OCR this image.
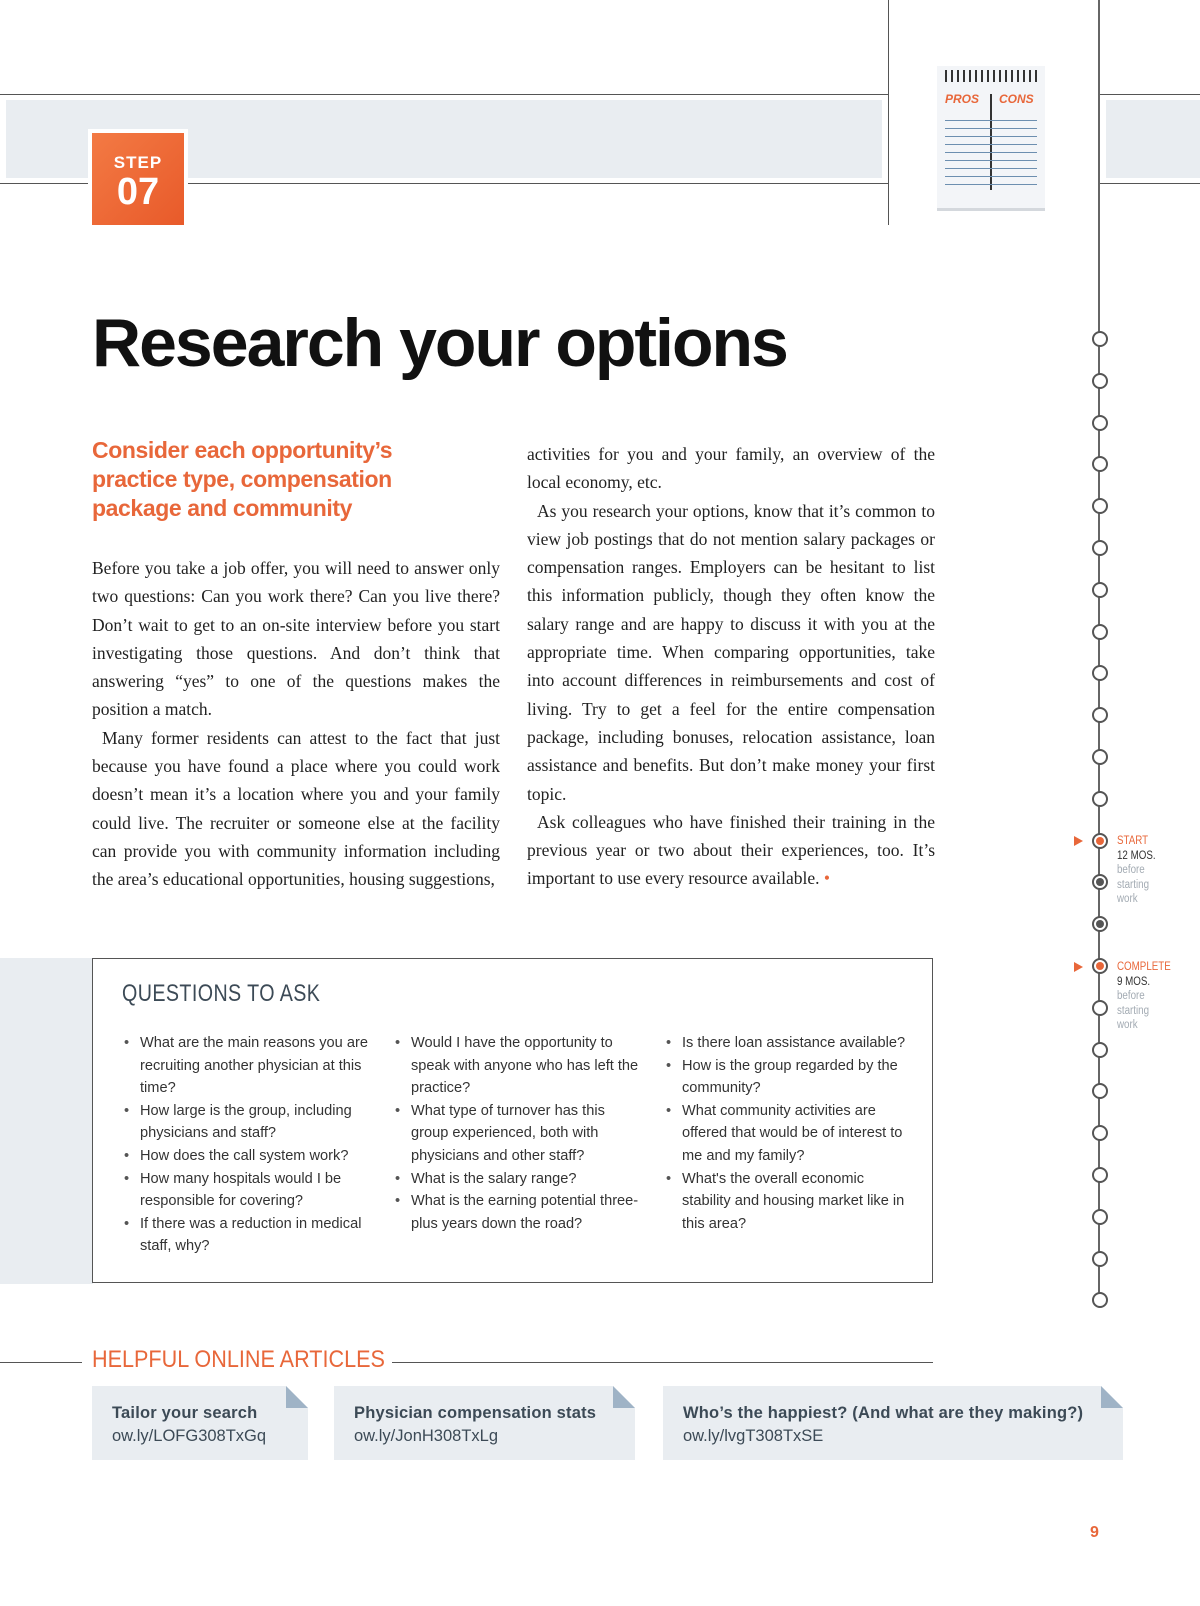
STEP
07
PROS CONS
Research your options
Consider each opportunity’s practice type, compensation package and community

Before you take a job offer, you will need to answer only two questions: Can you work there? Can you live there? Don’t wait to get to an on-site interview before you start investigating those questions. And don’t think that answering “yes” to one of the questions makes the position a match.

Many former residents can attest to the fact that just because you have found a place where you could work doesn’t mean it’s a location where you and your family could live. The recruiter or someone else at the facility can provide you with community information including the area’s educational opportunities, housing suggestions,

activities for you and your family, an overview of the local economy, etc.

As you research your options, know that it’s common to view job postings that do not mention salary packages or compensation ranges. Employers can be hesitant to list this information publicly, though they often know the salary range and are happy to discuss it with you at the appropriate time. When comparing opportunities, take into account differences in reimbursements and cost of living. Try to get a feel for the entire compensation package, including bonuses, relocation assistance, loan assistance and benefits. But don’t make money your first topic.

Ask colleagues who have finished their training in the previous year or two about their experiences, too. It’s important to use every resource available. •

QUESTIONS TO ASK
• What are the main reasons you are recruiting another physician at this time?
• How large is the group, including physicians and staff?
• How does the call system work?
• How many hospitals would I be responsible for covering?
• If there was a reduction in medical staff, why?
• Would I have the opportunity to speak with anyone who has left the practice?
• What type of turnover has this group experienced, both with physicians and other staff?
• What is the salary range?
• What is the earning potential three-plus years down the road?
• Is there loan assistance available?
• How is the group regarded by the community?
• What community activities are offered that would be of interest to me and my family?
• What's the overall economic stability and housing market like in this area?
HELPFUL ONLINE ARTICLES
Tailor your search
ow.ly/LOFG308TxGq
Physician compensation stats
ow.ly/JonH308TxLg
Who’s the happiest? (And what are they making?)
ow.ly/lvgT308TxSE
9
START
12 MOS.
before
starting
work
COMPLETE
9 MOS.
before
starting
work
